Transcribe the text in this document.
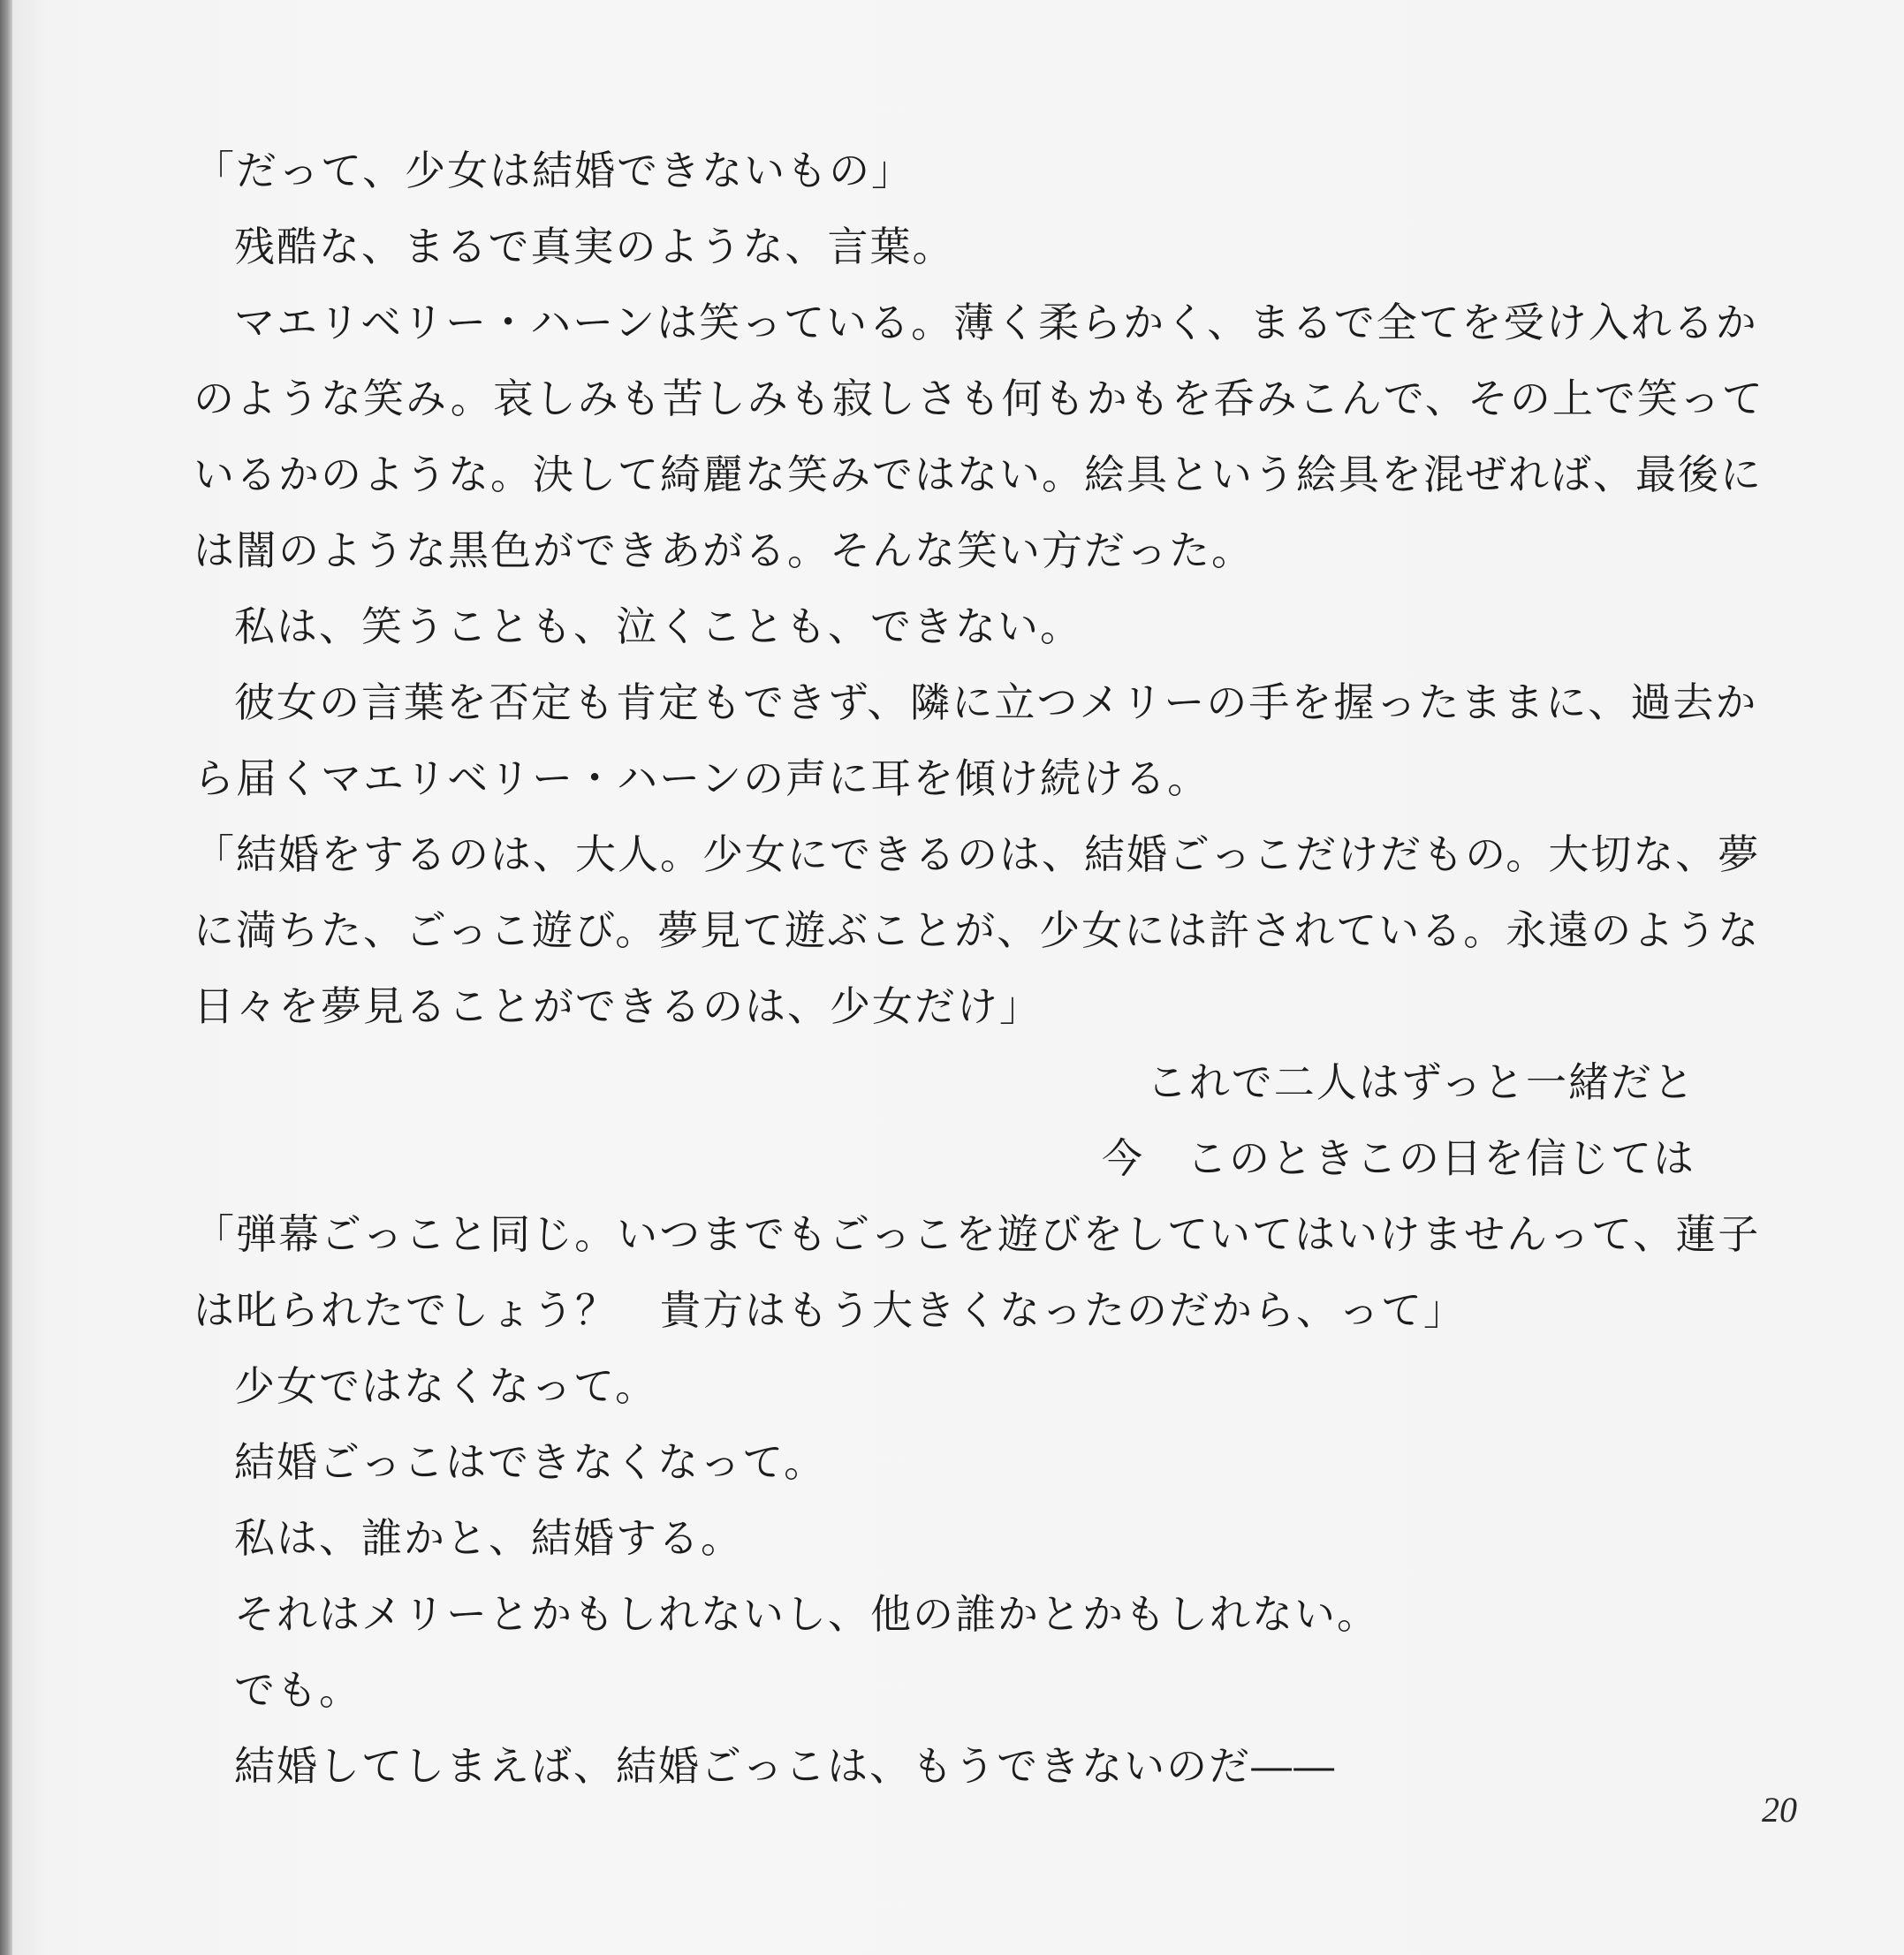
「だって、少女は結婚できないもの」
残酷な、まるで真実のような、言葉。
マエリベリー・ハーンは笑っている。薄く柔らかく、まるで全てを受け入れるか
のような笑み。哀しみも苦しみも寂しさも何もかもを呑みこんで、その上で笑って
いるかのような。決して綺麗な笑みではない。絵具という絵具を混ぜれば、最後に
は闇のような黒色ができあがる。そんな笑い方だった。
私は、笑うことも、泣くことも、できない。
彼女の言葉を否定も肯定もできず、隣に立つメリーの手を握ったままに、過去か
ら届くマエリベリー・ハーンの声に耳を傾け続ける。
「結婚をするのは、大人。少女にできるのは、結婚ごっこだけだもの。大切な、夢
に満ちた、ごっこ遊び。夢見て遊ぶことが、少女には許されている。永遠のような
日々を夢見ることができるのは、少女だけ」
これで二人はずっと一緒だと
今　このときこの日を信じては
「弾幕ごっこと同じ。いつまでもごっこを遊びをしていてはいけませんって、蓮子
は叱られたでしょう？　貴方はもう大きくなったのだから、って」
少女ではなくなって。
結婚ごっこはできなくなって。
私は、誰かと、結婚する。
それはメリーとかもしれないし、他の誰かとかもしれない。
でも。
結婚してしまえば、結婚ごっこは、もうできないのだ――
20
